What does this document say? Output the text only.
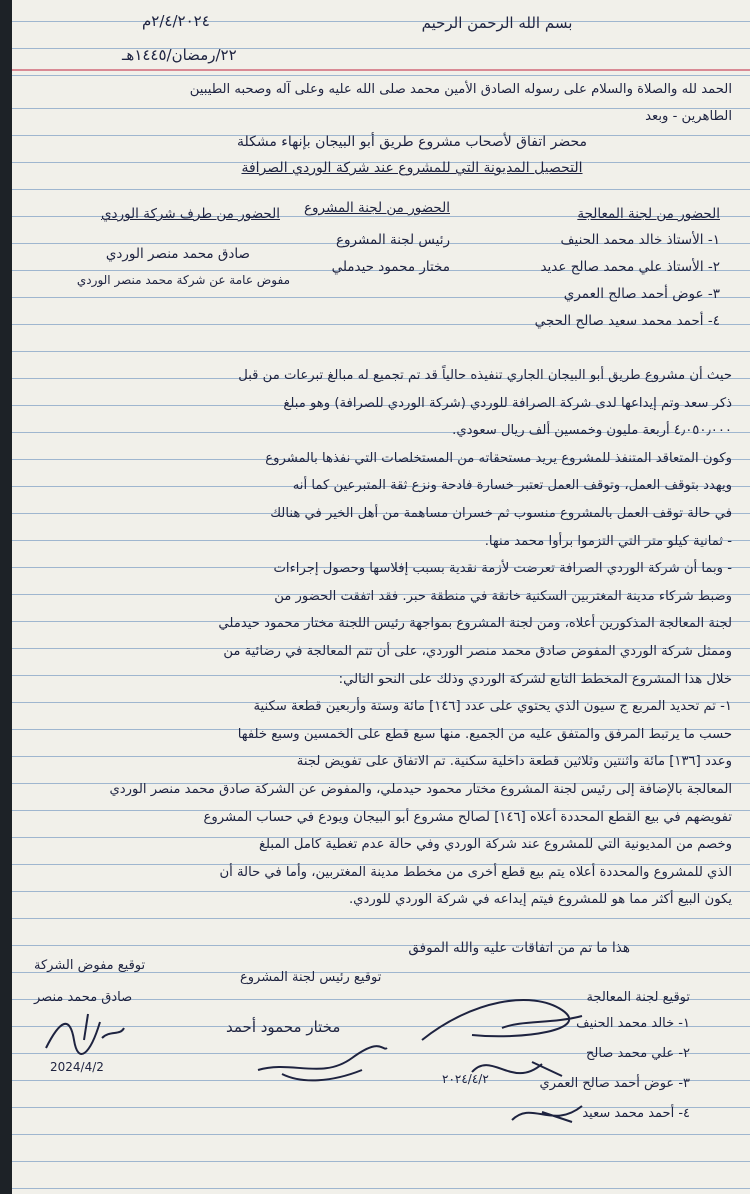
بسم الله الرحمن الرحيم
٢/٤/٢٠٢٤م
٢٢/رمضان/١٤٤٥هـ
الحمد لله والصلاة والسلام على رسوله الصادق الأمين محمد صلى الله عليه وعلى آله وصحبه الطيبين
الطاهرين - وبعد
محضر اتفاق لأصحاب مشروع طريق أبو البيجان بإنهاء مشكلة
التحصيل المديونة التي للمشروع عند شركة الوردي الصرافة
الحضور من لجنة المعالجة
١- الأستاذ خالد محمد الحنيف
٢- الأستاذ علي محمد صالح عديد
٣- عوض أحمد صالح العمري
٤- أحمد محمد سعيد صالح الحجي
الحضور من لجنة المشروع
رئيس لجنة المشروع
مختار محمود حيدملي
الحضور من طرف شركة الوردي
صادق محمد منصر الوردي
مفوض عامة عن شركة محمد منصر الوردي
هذا ما تم من اتفاقات عليه والله الموفق
توقيع مفوض الشركة
صادق محمد منصر
2024/4/2
توقيع رئيس لجنة المشروع
مختار محمود أحمد
توقيع لجنة المعالجة
١- خالد محمد الحنيف
٢- علي محمد صالح
٣- عوض أحمد صالح العمري
٤- أحمد محمد سعيد
٢٠٢٤/٤/٢
حيث أن مشروع طريق أبو البيجان الجاري تنفيذه حالياً قد تم تجميع له مبالغ تبرعات من قبل
ذكر سعد وتم إيداعها لدى شركة الصرافة للوردي (شركة الوردي للصرافة) وهو مبلغ
٤٫٠٥٠٫٠٠٠ أربعة مليون وخمسين ألف ريال سعودي.
وكون المتعاقد المتنفذ للمشروع يريد مستحقاته من المستخلصات التي نفذها بالمشروع
ويهدد بتوقف العمل، وتوقف العمل تعتبر خسارة فادحة ونزع ثقة المتبرعين كما أنه
في حالة توقف العمل بالمشروع منسوب ثم خسران مساهمة من أهل الخير في هنالك
- ثمانية كيلو متر التي التزموا برأوا محمد منها.
- وبما أن شركة الوردي الصرافة تعرضت لأزمة نقدية بسبب إفلاسها وحصول إجراءات
وضبط شركاء مدينة المغتربين السكنية خانقة في منطقة حبر. فقد اتفقت الحضور من
لجنة المعالجة المذكورين أعلاه، ومن لجنة المشروع بمواجهة رئيس اللجنة مختار محمود حيدملي
وممثل شركة الوردي المفوض صادق محمد منصر الوردي، على أن تتم المعالجة في رضائية من
خلال هذا المشروع المخطط التابع لشركة الوردي وذلك على النحو التالي:
١- تم تحديد المربع ج سيون الذي يحتوي على عدد [١٤٦] مائة وستة وأربعين قطعة سكنية
حسب ما يرتبط المرفق والمتفق عليه من الجميع. منها سبع قطع على الخمسين وسبع خلفها
وعدد [١٣٦] مائة واثنتين وثلاثين قطعة داخلية سكنية. تم الاتفاق على تفويض لجنة
المعالجة بالإضافة إلى رئيس لجنة المشروع مختار محمود حيدملي، والمفوض عن الشركة صادق محمد منصر الوردي
تفويضهم في بيع القطع المحددة أعلاه [١٤٦] لصالح مشروع أبو البيجان ويودع في حساب المشروع
وخصم من المديونية التي للمشروع عند شركة الوردي وفي حالة عدم تغطية كامل المبلغ
الذي للمشروع والمحددة أعلاه يتم بيع قطع أخرى من مخطط مدينة المغتربين، وأما في حالة أن
يكون البيع أكثر مما هو للمشروع فيتم إيداعه في شركة الوردي للوردي.
